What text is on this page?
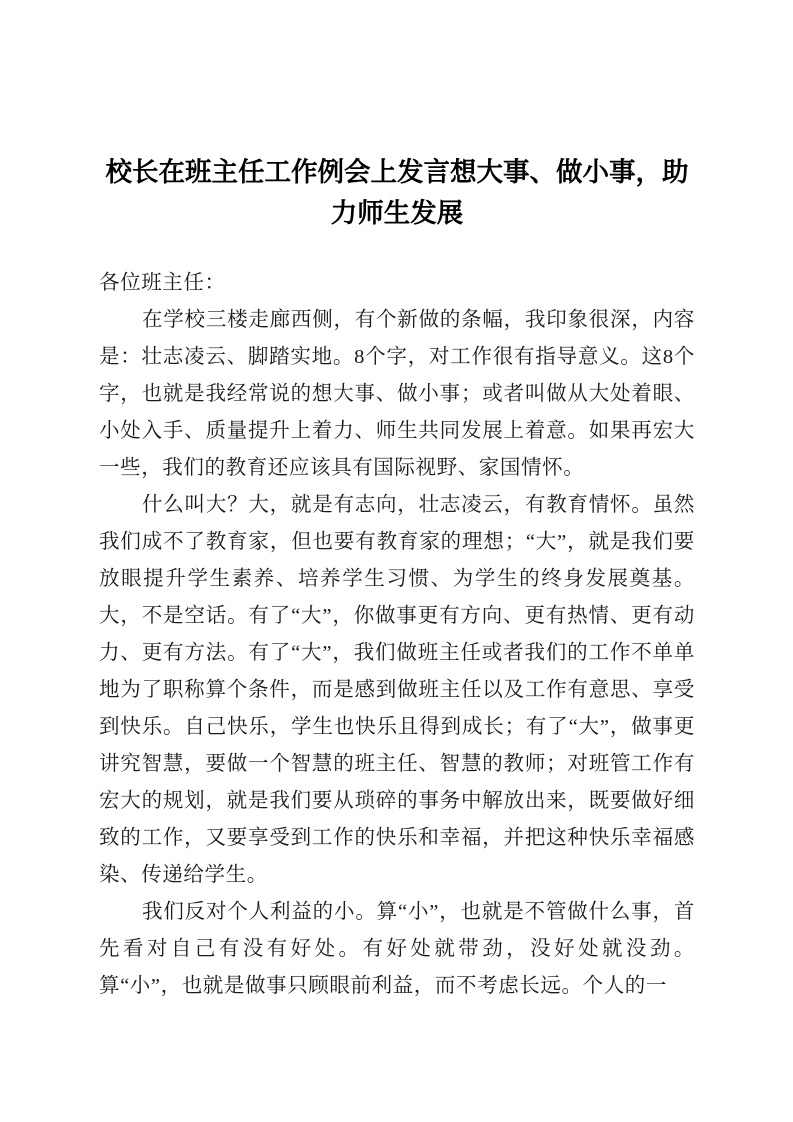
校长在班主任工作例会上发言想大事、做小事，助力师生发展

各位班主任：

在学校三楼走廊西侧，有个新做的条幅，我印象很深，内容是：壮志凌云、脚踏实地。8个字，对工作很有指导意义。这8个字，也就是我经常说的想大事、做小事；或者叫做从大处着眼、小处入手、质量提升上着力、师生共同发展上着意。如果再宏大一些，我们的教育还应该具有国际视野、家国情怀。

什么叫大？大，就是有志向，壮志凌云，有教育情怀。虽然我们成不了教育家，但也要有教育家的理想；“大”，就是我们要放眼提升学生素养、培养学生习惯、为学生的终身发展奠基。大，不是空话。有了“大”，你做事更有方向、更有热情、更有动力、更有方法。有了“大”，我们做班主任或者我们的工作不单单地为了职称算个条件，而是感到做班主任以及工作有意思、享受到快乐。自己快乐，学生也快乐且得到成长；有了“大”，做事更讲究智慧，要做一个智慧的班主任、智慧的教师；对班管工作有宏大的规划，就是我们要从琐碎的事务中解放出来，既要做好细致的工作，又要享受到工作的快乐和幸福，并把这种快乐幸福感染、传递给学生。

我们反对个人利益的小。算“小”，也就是不管做什么事，首先看对自己有没有好处。有好处就带劲，没好处就没劲。算“小”，也就是做事只顾眼前利益，而不考虑长远。个人的一
